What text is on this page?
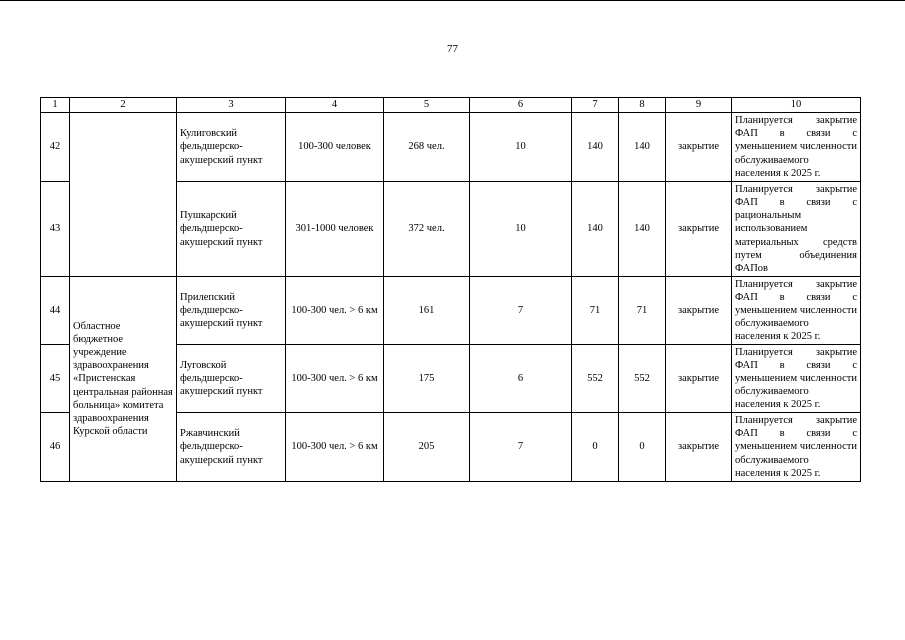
77
1	2	3	4	5	6	7	8	9	10
42		Кулиговский фельдшерско-акушерский пункт	100-300 человек	268 чел.	10	140	140	закрытие	Планируется закрытие ФАП в связи с уменьшением численности обслуживаемого населения к 2025 г.
43		Пушкарский фельдшерско-акушерский пункт	301-1000 человек	372 чел.	10	140	140	закрытие	Планируется закрытие ФАП в связи с рациональным использованием материальных средств путем объединения ФАПов
44	Областное бюджетное учреждение здравоохранения «Пристенская центральная районная больница» комитета здравоохранения Курской области	Прилепский фельдшерско-акушерский пункт	100-300 чел. > 6 км	161	7	71	71	закрытие	Планируется закрытие ФАП в связи с уменьшением численности обслуживаемого населения к 2025 г.
45		Луговской фельдшерско-акушерский пункт	100-300 чел. > 6 км	175	6	552	552	закрытие	Планируется закрытие ФАП в связи с уменьшением численности обслуживаемого населения к 2025 г.
46		Ржавчинский фельдшерско-акушерский пункт	100-300 чел. > 6 км	205	7	0	0	закрытие	Планируется закрытие ФАП в связи с уменьшением численности обслуживаемого населения к 2025 г.
